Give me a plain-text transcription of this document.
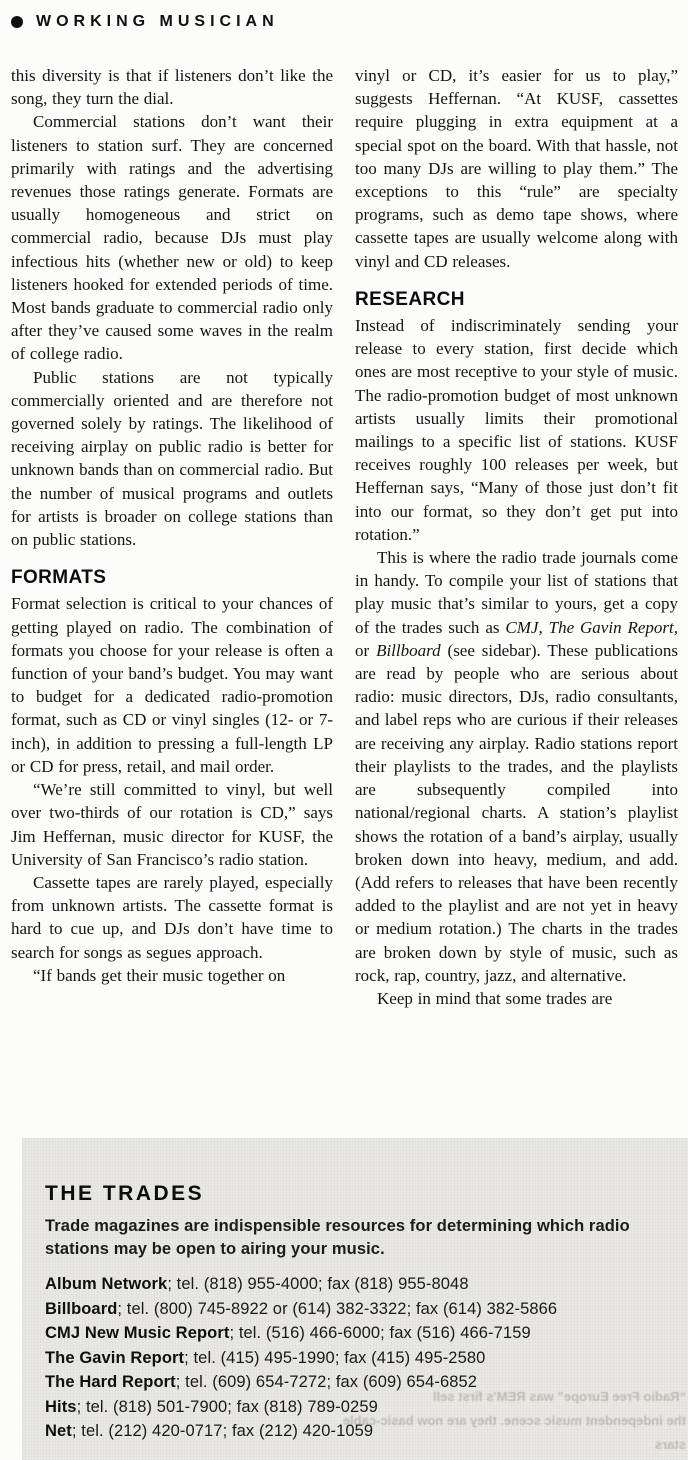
WORKING MUSICIAN

this diversity is that if listeners don’t like the song, they turn the dial.

Commercial stations don’t want their listeners to station surf. They are concerned primarily with ratings and the advertising revenues those ratings generate. Formats are usually homogeneous and strict on commercial radio, because DJs must play infectious hits (whether new or old) to keep listeners hooked for extended periods of time. Most bands graduate to commercial radio only after they’ve caused some waves in the realm of college radio.

Public stations are not typically commercially oriented and are therefore not governed solely by ratings. The likelihood of receiving airplay on public radio is better for unknown bands than on commercial radio. But the number of musical programs and outlets for artists is broader on college stations than on public stations.

FORMATS

Format selection is critical to your chances of getting played on radio. The combination of formats you choose for your release is often a function of your band’s budget. You may want to budget for a dedicated radio-promotion format, such as CD or vinyl singles (12- or 7-inch), in addition to pressing a full-length LP or CD for press, retail, and mail order.

“We’re still committed to vinyl, but well over two-thirds of our rotation is CD,” says Jim Heffernan, music director for KUSF, the University of San Francisco’s radio station.

Cassette tapes are rarely played, especially from unknown artists. The cassette format is hard to cue up, and DJs don’t have time to search for songs as segues approach.

“If bands get their music together on

vinyl or CD, it’s easier for us to play,” suggests Heffernan. “At KUSF, cassettes require plugging in extra equipment at a special spot on the board. With that hassle, not too many DJs are willing to play them.” The exceptions to this “rule” are specialty programs, such as demo tape shows, where cassette tapes are usually welcome along with vinyl and CD releases.

RESEARCH

Instead of indiscriminately sending your release to every station, first decide which ones are most receptive to your style of music. The radio-promotion budget of most unknown artists usually limits their promotional mailings to a specific list of stations. KUSF receives roughly 100 releases per week, but Heffernan says, “Many of those just don’t fit into our format, so they don’t get put into rotation.”

This is where the radio trade journals come in handy. To compile your list of stations that play music that’s similar to yours, get a copy of the trades such as CMJ, The Gavin Report, or Billboard (see sidebar). These publications are read by people who are serious about radio: music directors, DJs, radio consultants, and label reps who are curious if their releases are receiving any airplay. Radio stations report their playlists to the trades, and the playlists are subsequently compiled into national/regional charts. A station’s playlist shows the rotation of a band’s airplay, usually broken down into heavy, medium, and add. (Add refers to releases that have been recently added to the playlist and are not yet in heavy or medium rotation.) The charts in the trades are broken down by style of music, such as rock, rap, country, jazz, and alternative.

Keep in mind that some trades are

THE TRADES

Trade magazines are indispensible resources for determining which radio stations may be open to airing your music.

Album Network; tel. (818) 955-4000; fax (818) 955-8048
Billboard; tel. (800) 745-8922 or (614) 382-3322; fax (614) 382-5866
CMJ New Music Report; tel. (516) 466-6000; fax (516) 466-7159
The Gavin Report; tel. (415) 495-1990; fax (415) 495-2580
The Hard Report; tel. (609) 654-7272; fax (609) 654-6852
Hits; tel. (818) 501-7900; fax (818) 789-0259
Net; tel. (212) 420-0717; fax (212) 420-1059
“Radio Free Europe” was REM’s first sell
the independent music scene. they are now basic-cable stars
